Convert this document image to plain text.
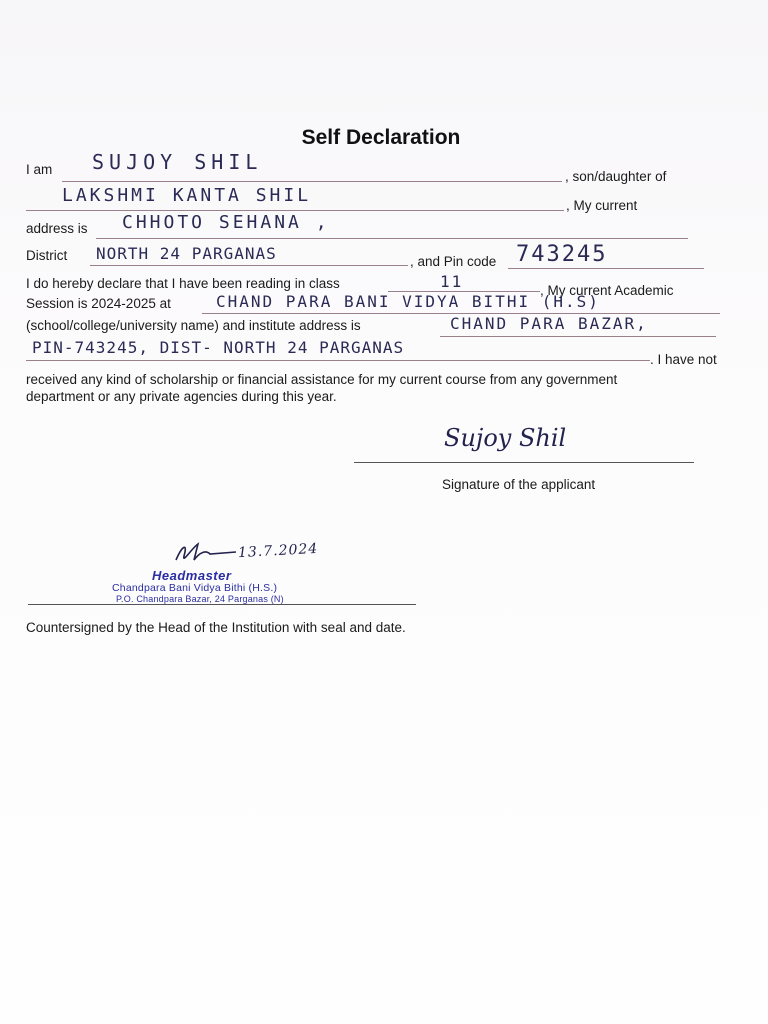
Self Declaration
I am SUJOY SHIL
, son/daughter of
LAKSHMI KANTA SHIL	, My current
address is CHHOTO SEHANA ,
District NORTH 24 PARGANAS	, and Pin code 743245
I do hereby declare that I have been reading in class	11	, My current Academic
Session is 2024-2025 at	CHAND PARA BANI VIDYA BITHI (H.S)
(school/college/university name) and institute address is	CHAND PARA BAZAR,
PIN-743245, DIST- NORTH 24 PARGANAS
. I have not
received any kind of scholarship or financial assistance for my current course from any government
department or any private agencies during this year.
Sujoy Shil
Signature of the applicant
13.7.2024
Headmaster
Chandpara Bani Vidya Bithi (H.S.)
P.O. Chandpara Bazar, 24 Parganas (N)
Countersigned by the Head of the Institution with seal and date.
